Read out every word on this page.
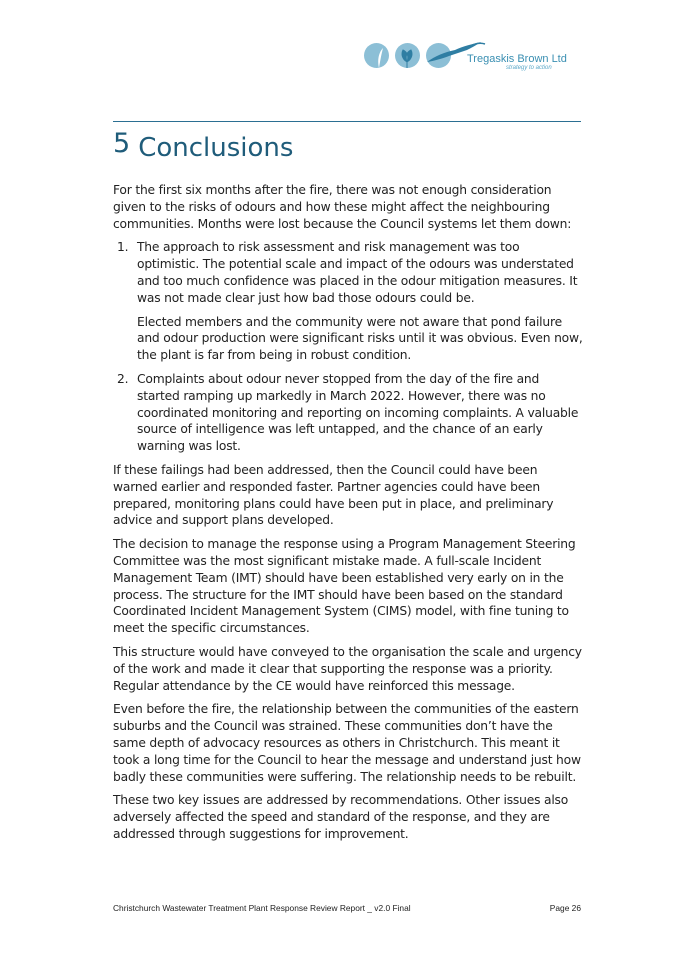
Tregaskis Brown Ltd
strategy to action
5 Conclusions

For the first six months after the fire, there was not enough consideration given to the risks of odours and how these might affect the neighbouring communities. Months were lost because the Council systems let them down:

1. The approach to risk assessment and risk management was too optimistic. The potential scale and impact of the odours was understated and too much confidence was placed in the odour mitigation measures. It was not made clear just how bad those odours could be.

Elected members and the community were not aware that pond failure and odour production were significant risks until it was obvious. Even now, the plant is far from being in robust condition.

2. Complaints about odour never stopped from the day of the fire and started ramping up markedly in March 2022. However, there was no coordinated monitoring and reporting on incoming complaints. A valuable source of intelligence was left untapped, and the chance of an early warning was lost.

If these failings had been addressed, then the Council could have been warned earlier and responded faster. Partner agencies could have been prepared, monitoring plans could have been put in place, and preliminary advice and support plans developed.

The decision to manage the response using a Program Management Steering Committee was the most significant mistake made. A full-scale Incident Management Team (IMT) should have been established very early on in the process. The structure for the IMT should have been based on the standard Coordinated Incident Management System (CIMS) model, with fine tuning to meet the specific circumstances.

This structure would have conveyed to the organisation the scale and urgency of the work and made it clear that supporting the response was a priority. Regular attendance by the CE would have reinforced this message.

Even before the fire, the relationship between the communities of the eastern suburbs and the Council was strained. These communities don’t have the same depth of advocacy resources as others in Christchurch. This meant it took a long time for the Council to hear the message and understand just how badly these communities were suffering. The relationship needs to be rebuilt.

These two key issues are addressed by recommendations. Other issues also adversely affected the speed and standard of the response, and they are addressed through suggestions for improvement.

Christchurch Wastewater Treatment Plant Response Review Report _ v2.0 Final	Page 26
